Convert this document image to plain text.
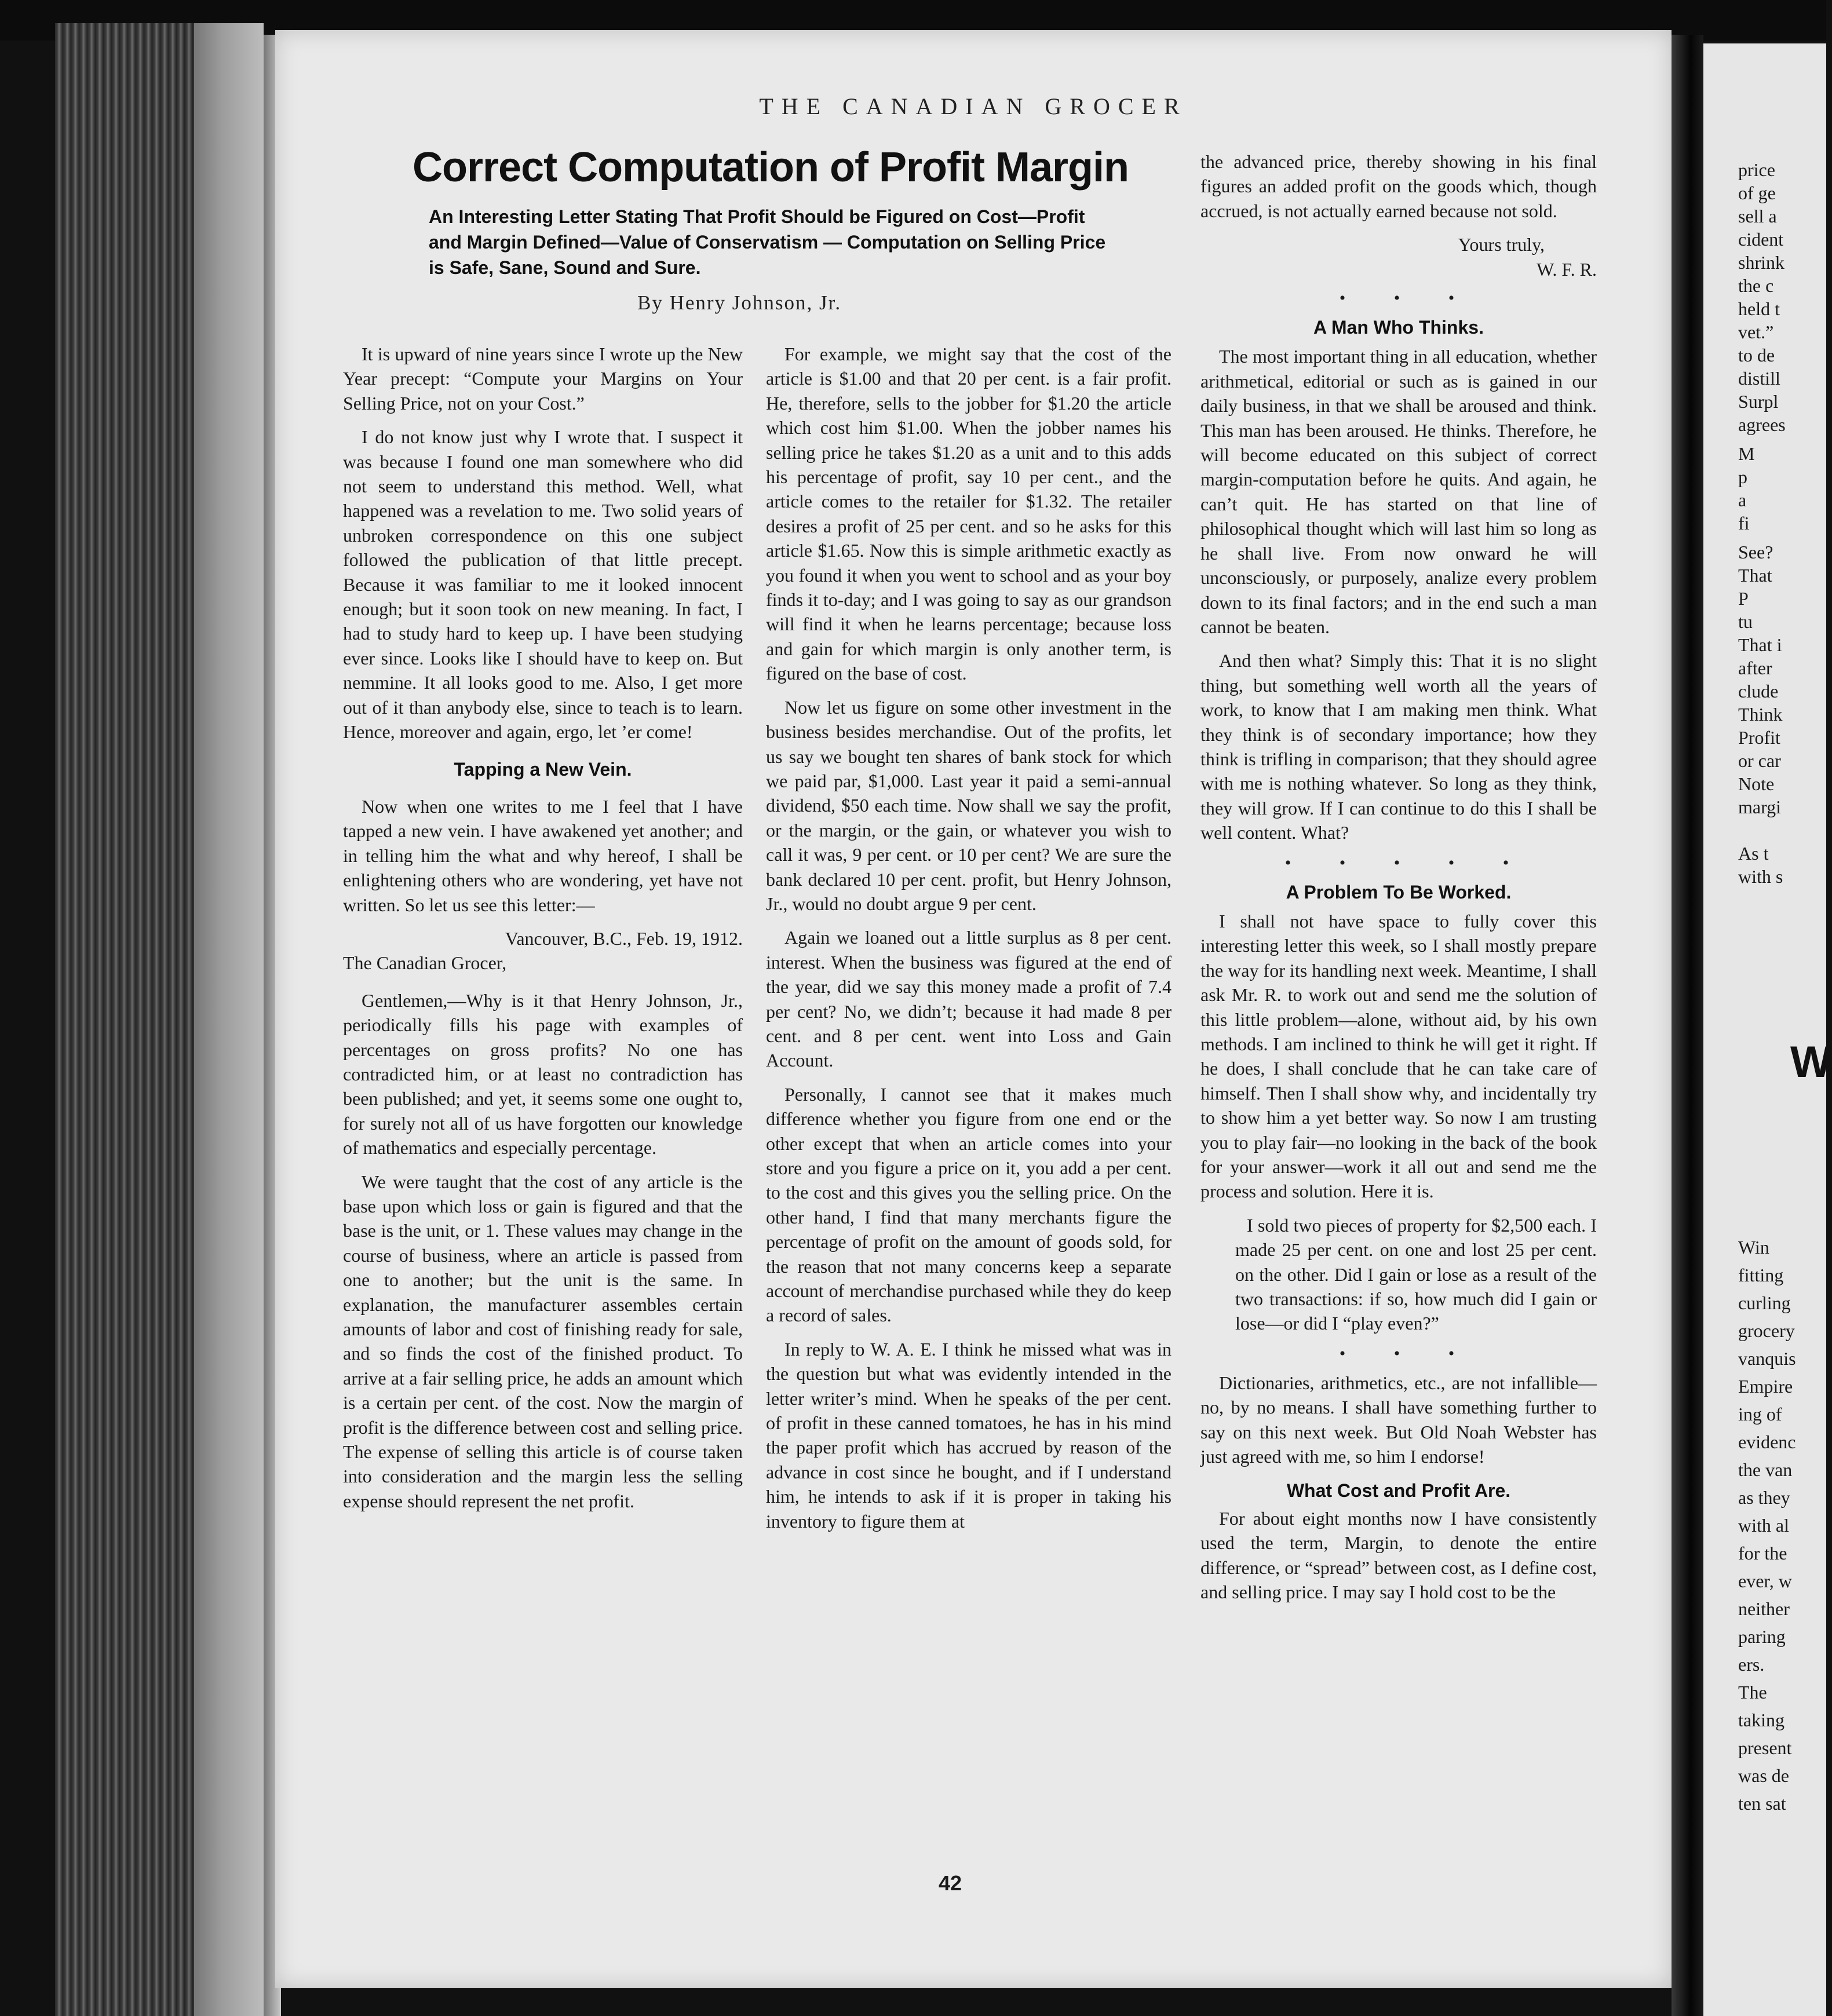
THE CANADIAN GROCER
Correct Computation of Profit Margin
An Interesting Letter Stating That Profit Should be Figured on Cost—Profit and Margin Defined—Value of Conservatism — Computation on Selling Price is Safe, Sane, Sound and Sure.
By Henry Johnson, Jr.

It is upward of nine years since I wrote up the New Year precept: “Compute your Margins on Your Selling Price, not on your Cost.”

I do not know just why I wrote that. I suspect it was because I found one man somewhere who did not seem to understand this method. Well, what happened was a revelation to me. Two solid years of unbroken correspondence on this one subject followed the publication of that little precept. Because it was familiar to me it looked innocent enough; but it soon took on new meaning. In fact, I had to study hard to keep up. I have been studying ever since. Looks like I should have to keep on. But nemmine. It all looks good to me. Also, I get more out of it than anybody else, since to teach is to learn. Hence, moreover and again, ergo, let ’er come!

Tapping a New Vein.

Now when one writes to me I feel that I have tapped a new vein. I have awakened yet another; and in telling him the what and why hereof, I shall be enlightening others who are wondering, yet have not written. So let us see this letter:—

Vancouver, B.C., Feb. 19, 1912.

The Canadian Grocer,

Gentlemen,—Why is it that Henry Johnson, Jr., periodically fills his page with examples of percentages on gross profits? No one has contradicted him, or at least no contradiction has been published; and yet, it seems some one ought to, for surely not all of us have forgotten our knowledge of mathematics and especially percentage.

We were taught that the cost of any article is the base upon which loss or gain is figured and that the base is the unit, or 1. These values may change in the course of business, where an article is passed from one to another; but the unit is the same. In explanation, the manufacturer assembles certain amounts of labor and cost of finishing ready for sale, and so finds the cost of the finished product. To arrive at a fair selling price, he adds an amount which is a certain per cent. of the cost. Now the margin of profit is the difference between cost and selling price. The expense of selling this article is of course taken into consideration and the margin less the selling expense should represent the net profit.

For example, we might say that the cost of the article is $1.00 and that 20 per cent. is a fair profit. He, therefore, sells to the jobber for $1.20 the article which cost him $1.00. When the jobber names his selling price he takes $1.20 as a unit and to this adds his percentage of profit, say 10 per cent., and the article comes to the retailer for $1.32. The retailer desires a profit of 25 per cent. and so he asks for this article $1.65. Now this is simple arithmetic exactly as you found it when you went to school and as your boy finds it to-day; and I was going to say as our grandson will find it when he learns percentage; because loss and gain for which margin is only another term, is figured on the base of cost.

Now let us figure on some other investment in the business besides merchandise. Out of the profits, let us say we bought ten shares of bank stock for which we paid par, $1,000. Last year it paid a semi-annual dividend, $50 each time. Now shall we say the profit, or the margin, or the gain, or whatever you wish to call it was, 9 per cent. or 10 per cent? We are sure the bank declared 10 per cent. profit, but Henry Johnson, Jr., would no doubt argue 9 per cent.

Again we loaned out a little surplus as 8 per cent. interest. When the business was figured at the end of the year, did we say this money made a profit of 7.4 per cent? No, we didn’t; because it had made 8 per cent. and 8 per cent. went into Loss and Gain Account.

Personally, I cannot see that it makes much difference whether you figure from one end or the other except that when an article comes into your store and you figure a price on it, you add a per cent. to the cost and this gives you the selling price. On the other hand, I find that many merchants figure the percentage of profit on the amount of goods sold, for the reason that not many concerns keep a separate account of merchandise purchased while they do keep a record of sales.

In reply to W. A. E. I think he missed what was in the question but what was evidently intended in the letter writer’s mind. When he speaks of the per cent. of profit in these canned tomatoes, he has in his mind the paper profit which has accrued by reason of the advance in cost since he bought, and if I understand him, he intends to ask if it is proper in taking his inventory to figure them at

the advanced price, thereby showing in his final figures an added profit on the goods which, though accrued, is not actually earned because not sold.

Yours truly,

W. F. R.

• • •

A Man Who Thinks.

The most important thing in all education, whether arithmetical, editorial or such as is gained in our daily business, in that we shall be aroused and think. This man has been aroused. He thinks. Therefore, he will become educated on this subject of correct margin-computation before he quits. And again, he can’t quit. He has started on that line of philosophical thought which will last him so long as he shall live. From now onward he will unconsciously, or purposely, analize every problem down to its final factors; and in the end such a man cannot be beaten.

And then what? Simply this: That it is no slight thing, but something well worth all the years of work, to know that I am making men think. What they think is of secondary importance; how they think is trifling in comparison; that they should agree with me is nothing whatever. So long as they think, they will grow. If I can continue to do this I shall be well content. What?

• • • • •

A Problem To Be Worked.

I shall not have space to fully cover this interesting letter this week, so I shall mostly prepare the way for its handling next week. Meantime, I shall ask Mr. R. to work out and send me the solution of this little problem—alone, without aid, by his own methods. I am inclined to think he will get it right. If he does, I shall conclude that he can take care of himself. Then I shall show why, and incidentally try to show him a yet better way. So now I am trusting you to play fair—no looking in the back of the book for your answer—work it all out and send me the process and solution. Here it is.

I sold two pieces of property for $2,500 each. I made 25 per cent. on one and lost 25 per cent. on the other. Did I gain or lose as a result of the two transactions: if so, how much did I gain or lose—or did I “play even?”

• • •

Dictionaries, arithmetics, etc., are not infallible—no, by no means. I shall have something further to say on this next week. But Old Noah Webster has just agreed with me, so him I endorse!

What Cost and Profit Are.

For about eight months now I have consistently used the term, Margin, to denote the entire difference, or “spread” between cost, as I define cost, and selling price. I may say I hold cost to be the

42
price
of ge
sell a
cident
shrink
the c
held t
vet.”
to de
distill
Surpl
agrees
M
p
a
fi
See?
That
P
tu
That i
after
clude
Think
Profit
or car
Note
margi
As t
with s
Win
fitting
curling
grocery
vanquis
Empire
ing of
evidenc
the van
as they
with al
for the
ever, w
neither
paring
ers.
The
taking
present
was de
ten sat
W
